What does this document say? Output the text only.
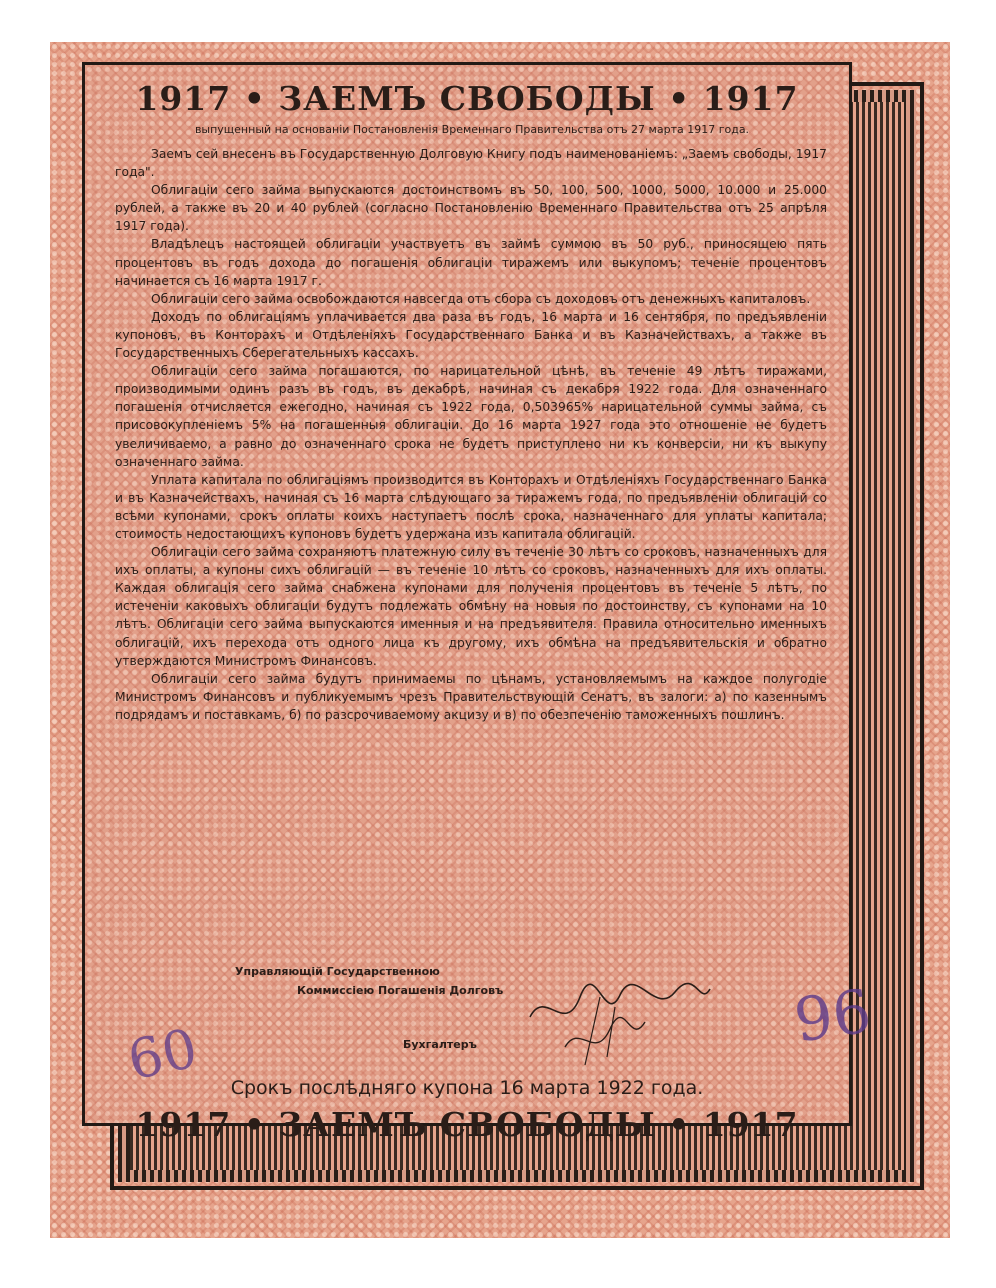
1917 • ЗАЕМЪ СВОБОДЫ • 1917
выпущенный на основаніи Постановленія Временнаго Правительства отъ 27 марта 1917 года.

Заемъ сей внесенъ въ Государственную Долговую Книгу подъ наименованіемъ: „Заемъ свободы, 1917 года".

Облигаціи сего займа выпускаются достоинствомъ въ 50, 100, 500, 1000, 5000, 10.000 и 25.000 рублей, а также въ 20 и 40 рублей (согласно Постановленію Временнаго Правительства отъ 25 апрѣля 1917 года).

Владѣлецъ настоящей облигаціи участвуетъ въ займѣ суммою въ 50 руб., приносящею пять процентовъ въ годъ дохода до погашенія облигаціи тиражемъ или выкупомъ; теченіе процентовъ начинается съ 16 марта 1917 г.

Облигаціи сего займа освобождаются навсегда отъ сбора съ доходовъ отъ денежныхъ капиталовъ.

Доходъ по облигаціямъ уплачивается два раза въ годъ, 16 марта и 16 сентября, по предъявленіи купоновъ, въ Конторахъ и Отдѣленіяхъ Государственнаго Банка и въ Казначействахъ, а также въ Государственныхъ Сберегательныхъ кассахъ.

Облигаціи сего займа погашаются, по нарицательной цѣнѣ, въ теченіе 49 лѣтъ тиражами, производимыми одинъ разъ въ годъ, въ декабрѣ, начиная съ декабря 1922 года. Для означеннаго погашенія отчисляется ежегодно, начиная съ 1922 года, 0,503965% нарицательной суммы займа, съ присовокупленіемъ 5% на погашенныя облигаціи. До 16 марта 1927 года это отношеніе не будетъ увеличиваемо, а равно до означеннаго срока не будетъ приступлено ни къ конверсіи, ни къ выкупу означеннаго займа.

Уплата капитала по облигаціямъ производится въ Конторахъ и Отдѣленіяхъ Государственнаго Банка и въ Казначействахъ, начиная съ 16 марта слѣдующаго за тиражемъ года, по предъявленіи облигацій со всѣми купонами, срокъ оплаты коихъ наступаетъ послѣ срока, назначеннаго для уплаты капитала; стоимость недостающихъ купоновъ будетъ удержана изъ капитала облигацій.

Облигаціи сего займа сохраняютъ платежную силу въ теченіе 30 лѣтъ со сроковъ, назначенныхъ для ихъ оплаты, а купоны сихъ облигацій — въ теченіе 10 лѣтъ со сроковъ, назначенныхъ для ихъ оплаты. Каждая облигація сего займа снабжена купонами для полученія процентовъ въ теченіе 5 лѣтъ, по истеченіи каковыхъ облигаціи будутъ подлежать обмѣну на новыя по достоинству, съ купонами на 10 лѣтъ. Облигаціи сего займа выпускаются именныя и на предъявителя. Правила относительно именныхъ облигацій, ихъ перехода отъ одного лица къ другому, ихъ обмѣна на предъявительскія и обратно утверждаются Министромъ Финансовъ.

Облигаціи сего займа будутъ принимаемы по цѣнамъ, установляемымъ на каждое полугодіе Министромъ Финансовъ и публикуемымъ чрезъ Правительствующій Сенатъ, въ залоги: а) по казеннымъ подрядамъ и поставкамъ, б) по разсрочиваемому акцизу и в) по обезпеченію таможенныхъ пошлинъ.

Управляющій Государственною
Коммиссіею Погашенія Долговъ
Бухгалтеръ
Срокъ послѣдняго купона 16 марта 1922 года.
1917 • ЗАЕМЪ СВОБОДЫ • 1917
60	96
